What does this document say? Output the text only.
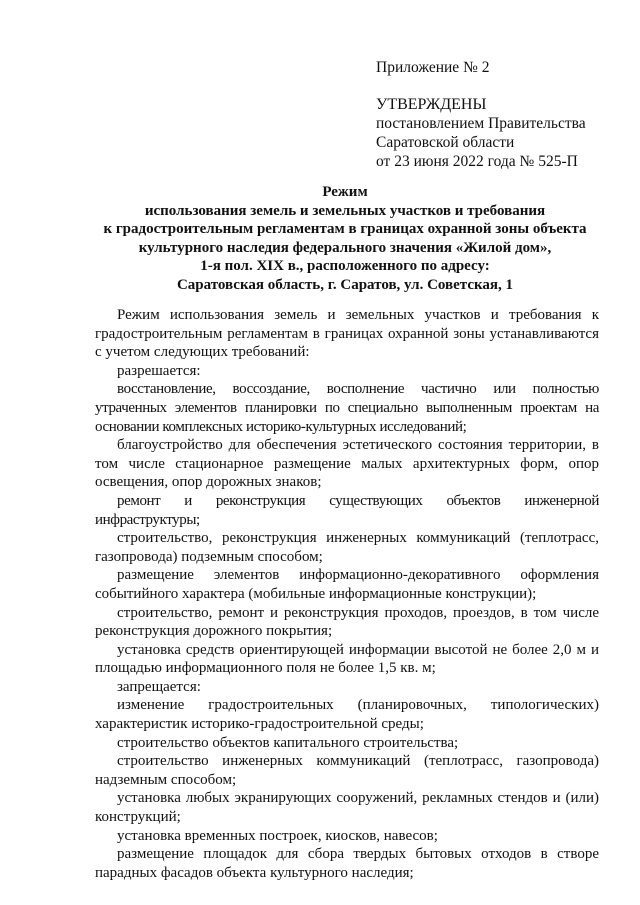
Приложение № 2
УТВЕРЖДЕНЫ
постановлением Правительства
Саратовской области
от 23 июня 2022 года № 525-П
Режим
использования земель и земельных участков и требования
к градостроительным регламентам в границах охранной зоны объекта
культурного наследия федерального значения «Жилой дом»,
1-я пол. XIX в., расположенного по адресу:
Саратовская область, г. Саратов, ул. Советская, 1

Режим использования земель и земельных участков и требования к градостроительным регламентам в границах охранной зоны устанавливаются с учетом следующих требований:

разрешается:

восстановление, воссоздание, восполнение частично или полностью утраченных элементов планировки по специально выполненным проектам на основании комплексных историко-культурных исследований;

благоустройство для обеспечения эстетического состояния территории, в том числе стационарное размещение малых архитектурных форм, опор освещения, опор дорожных знаков;

ремонт и реконструкция существующих объектов инженерной инфраструктуры;

строительство, реконструкция инженерных коммуникаций (теплотрасс, газопровода) подземным способом;

размещение элементов информационно-декоративного оформления событийного характера (мобильные информационные конструкции);

строительство, ремонт и реконструкция проходов, проездов, в том числе реконструкция дорожного покрытия;

установка средств ориентирующей информации высотой не более 2,0 м и площадью информационного поля не более 1,5 кв. м;

запрещается:

изменение градостроительных (планировочных, типологических) характеристик историко-градостроительной среды;

строительство объектов капитального строительства;

строительство инженерных коммуникаций (теплотрасс, газопровода) надземным способом;

установка любых экранирующих сооружений, рекламных стендов и (или) конструкций;

установка временных построек, киосков, навесов;

размещение площадок для сбора твердых бытовых отходов в створе парадных фасадов объекта культурного наследия;
